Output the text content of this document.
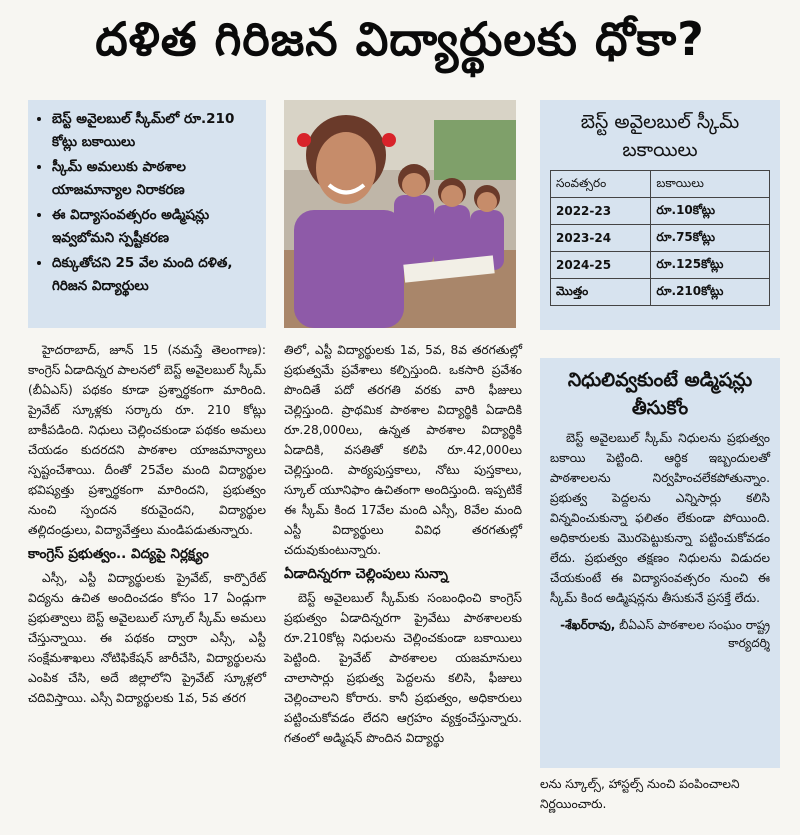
దళిత గిరిజన విద్యార్థులకు ధోకా?
• బెస్ట్‌ అవైలబుల్‌ స్కీమ్‌లో రూ.210 కోట్లు బకాయిలు
• స్కీమ్‌ అమలుకు పాఠశాల యాజమాన్యాల నిరాకరణ
• ఈ విద్యాసంవత్సరం అడ్మిషన్లు ఇవ్వబోమని స్పష్టీకరణ
• దిక్కుతోచని 25 వేల మంది దళిత, గిరిజన విద్యార్థులు
బెస్ట్‌ అవైలబుల్‌ స్కీమ్‌ బకాయిలు
సంవత్సరం	బకాయిలు
2022-23	రూ.10కోట్లు
2023-24	రూ.75కోట్లు
2024-25	రూ.125కోట్లు
మొత్తం	రూ.210కోట్లు

హైదరాబాద్‌, జూన్‌ 15 (నమస్తే తెలంగాణ): కాంగ్రెస్‌ ఏడాదిన్నర పాలనలో బెస్ట్‌ అవైలబుల్‌ స్కీమ్‌ (బీఏఎస్‌) పథకం కూడా ప్రశ్నార్థకంగా మారింది. ప్రైవేట్‌ స్కూళ్లకు సర్కారు రూ. 210 కోట్లు బాకీపడింది. నిధులు చెల్లించకుండా పథకం అమలు చేయడం కుదరదని పాఠశాల యాజమాన్యాలు స్పష్టంచేశాయి. దీంతో 25వేల మంది విద్యార్థుల భవిష్యత్తు ప్రశ్నార్థకంగా మారిందని, ప్రభుత్వం నుంచి స్పందన కరువైందని, విద్యార్థుల తల్లిదండ్రులు, విద్యావేత్తలు మండిపడుతున్నారు.

కాంగ్రెస్‌ ప్రభుత్వం.. విద్యపై నిర్లక్ష్యం

ఎస్సీ, ఎస్టీ విద్యార్థులకు ప్రైవేట్‌, కార్పొరేట్‌ విద్యను ఉచిత అందించడం కోసం 17 ఏండ్లుగా ప్రభుత్వాలు బెస్ట్‌ అవైలబుల్‌ స్కూల్‌ స్కీమ్‌ అమలు చేస్తున్నాయి. ఈ పథకం ద్వారా ఎస్సీ, ఎస్టీ సంక్షేమశాఖలు నోటిఫికేషన్‌ జారీచేసి, విద్యార్థులను ఎంపిక చేసి, అదే జిల్లాలోని ప్రైవేట్‌ స్కూళ్లలో చదివిస్తాయి. ఎస్సీ విద్యార్థులకు 1వ, 5వ తరగ

తిలో, ఎస్టీ విద్యార్థులకు 1వ, 5వ, 8వ తరగతుల్లో ప్రభుత్వమే ప్రవేశాలు కల్పిస్తుంది. ఒకసారి ప్రవేశం పొందితే పదో తరగతి వరకు వారి ఫీజులు చెల్లిస్తుంది. ప్రాథమిక పాఠశాల విద్యార్థికి ఏడాదికి రూ.28,000లు, ఉన్నత పాఠశాల విద్యార్థికి ఏడాదికి, వసతితో కలిపి రూ.42,000లు చెల్లిస్తుంది. పాఠ్యపుస్తకాలు, నోటు పుస్తకాలు, స్కూల్‌ యూనిఫాం ఉచితంగా అందిస్తుంది. ఇప్పటికే ఈ స్కీమ్‌ కింద 17వేల మంది ఎస్సీ, 8వేల మంది ఎస్టీ విద్యార్థులు వివిధ తరగతుల్లో చదువుకుంటున్నారు.

ఏడాదిన్నరగా చెల్లింపులు సున్నా

బెస్ట్‌ అవైలబుల్‌ స్కీమ్‌కు సంబంధించి కాంగ్రెస్‌ ప్రభుత్వం ఏడాదిన్నరగా ప్రైవేటు పాఠశాలలకు రూ.210కోట్ల నిధులను చెల్లించకుండా బకాయిలు పెట్టింది. ప్రైవేట్‌ పాఠశాలల యజమానులు చాలాసార్లు ప్రభుత్వ పెద్దలను కలిసి, ఫీజులు చెల్లించాలని కోరారు. కానీ ప్రభుత్వం, అధికారులు పట్టించుకోవడం లేదని ఆగ్రహం వ్యక్తంచేస్తున్నారు. గతంలో అడ్మిషన్‌ పొందిన విద్యార్థు

నిధులివ్వకుంటే అడ్మిషన్లు తీసుకోం

బెస్ట్‌ అవైలబుల్‌ స్కీమ్‌ నిధులను ప్రభుత్వం బకాయి పెట్టింది. ఆర్థిక ఇబ్బందులతో పాఠశాలలను నిర్వహించలేకపోతున్నాం. ప్రభుత్వ పెద్దలను ఎన్నిసార్లు కలిసి విన్నవించుకున్నా ఫలితం లేకుండా పోయింది. అధికారులకు మొరపెట్టుకున్నా పట్టించుకోవడం లేదు. ప్రభుత్వం తక్షణం నిధులను విడుదల చేయకుంటే ఈ విద్యాసంవత్సరం నుంచి ఈ స్కీమ్‌ కింద అడ్మిషన్లను తీసుకునే ప్రసక్తే లేదు.

-శేఖర్‌రావు, బీఏఎస్‌ పాఠశాలల సంఘం రాష్ట్ర కార్యదర్శి
లను స్కూల్స్‌, హాస్టల్స్‌ నుంచి పంపించాలని నిర్ణయించారు.
